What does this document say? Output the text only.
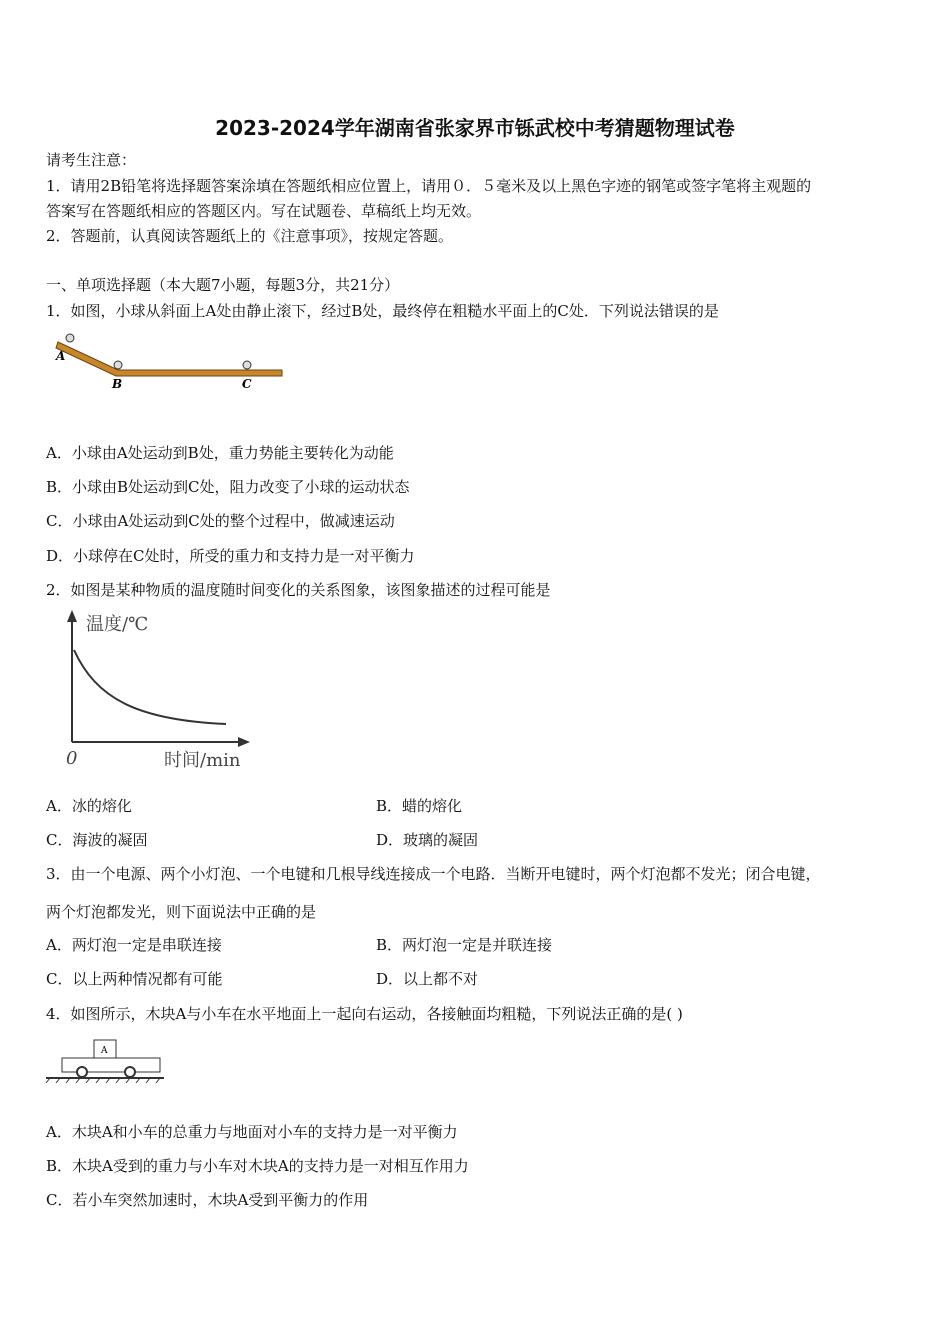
2023-2024学年湖南省张家界市铄武校中考猜题物理试卷
请考生注意：
1．请用2B铅笔将选择题答案涂填在答题纸相应位置上，请用０．５毫米及以上黑色字迹的钢笔或签字笔将主观题的
答案写在答题纸相应的答题区内。写在试题卷、草稿纸上均无效。
2．答题前，认真阅读答题纸上的《注意事项》，按规定答题。
一、单项选择题（本大题7小题，每题3分，共21分）
1．如图，小球从斜面上A处由静止滚下，经过B处，最终停在粗糙水平面上的C处．下列说法错误的是
A
B	C
A．小球由A处运动到B处，重力势能主要转化为动能
B．小球由B处运动到C处，阻力改变了小球的运动状态
C．小球由A处运动到C处的整个过程中，做减速运动
D．小球停在C处时，所受的重力和支持力是一对平衡力
2．如图是某种物质的温度随时间变化的关系图象，该图象描述的过程可能是
温度/℃
时间/min
0
A．冰的熔化	B．蜡的熔化
C．海波的凝固	D．玻璃的凝固
3．由一个电源、两个小灯泡、一个电键和几根导线连接成一个电路．当断开电键时，两个灯泡都不发光；闭合电键，
两个灯泡都发光，则下面说法中正确的是
A．两灯泡一定是串联连接	B．两灯泡一定是并联连接
C．以上两种情况都有可能	D．以上都不对
4．如图所示，木块A与小车在水平地面上一起向右运动，各接触面均粗糙，下列说法正确的是( )
A
A．木块A和小车的总重力与地面对小车的支持力是一对平衡力
B．木块A受到的重力与小车对木块A的支持力是一对相互作用力
C．若小车突然加速时，木块A受到平衡力的作用
